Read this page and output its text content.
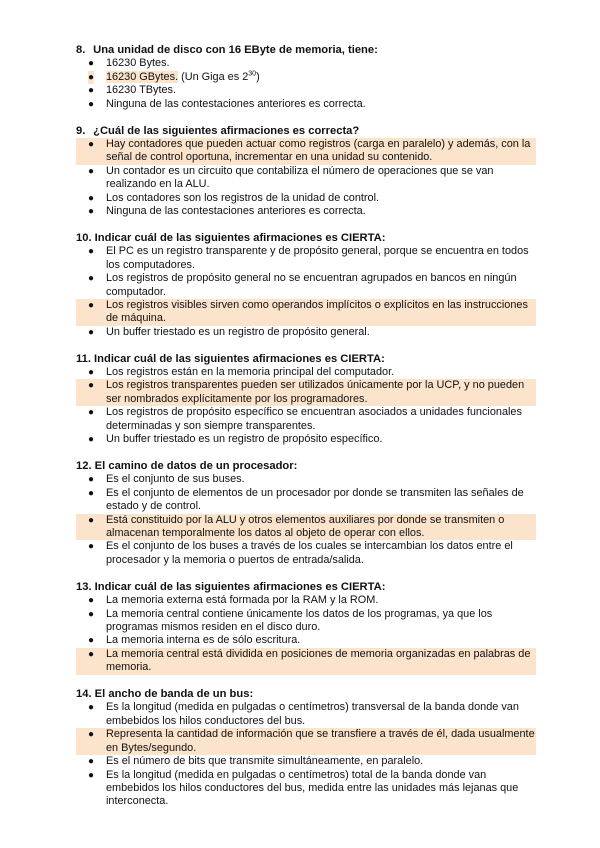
8. Una unidad de disco con 16 EByte de memoria, tiene:

● 16230 Bytes.
● 16230 GBytes. (Un Giga es $2^{30}$)
● 16230 TBytes.
● Ninguna de las contestaciones anteriores es correcta.

9. ¿Cuál de las siguientes afirmaciones es correcta?

● Hay contadores que pueden actuar como registros (carga en paralelo) y además, con la señal de control oportuna, incrementar en una unidad su contenido.
● Un contador es un circuito que contabiliza el número de operaciones que se van realizando en la ALU.
● Los contadores son los registros de la unidad de control.
● Ninguna de las contestaciones anteriores es correcta.

10. Indicar cuál de las siguientes afirmaciones es CIERTA:

● El PC es un registro transparente y de propósito general, porque se encuentra en todos los computadores.
● Los registros de propósito general no se encuentran agrupados en bancos en ningún computador.
● Los registros visibles sirven como operandos implícitos o explícitos en las instrucciones de máquina.
● Un buffer triestado es un registro de propósito general.

11. Indicar cuál de las siguientes afirmaciones es CIERTA:

● Los registros están en la memoria principal del computador.
● Los registros transparentes pueden ser utilizados únicamente por la UCP, y no pueden ser nombrados explícitamente por los programadores.
● Los registros de propósito específico se encuentran asociados a unidades funcionales determinadas y son siempre transparentes.
● Un buffer triestado es un registro de propósito específico.

12. El camino de datos de un procesador:

● Es el conjunto de sus buses.
● Es el conjunto de elementos de un procesador por donde se transmiten las señales de estado y de control.
● Está constituido por la ALU y otros elementos auxiliares por donde se transmiten o almacenan temporalmente los datos al objeto de operar con ellos.
● Es el conjunto de los buses a través de los cuales se intercambian los datos entre el procesador y la memoria o puertos de entrada/salida.

13. Indicar cuál de las siguientes afirmaciones es CIERTA:

● La memoria externa está formada por la RAM y la ROM.
● La memoria central contiene únicamente los datos de los programas, ya que los programas mismos residen en el disco duro.
● La memoria interna es de sólo escritura.
● La memoria central está dividida en posiciones de memoria organizadas en palabras de memoria.

14. El ancho de banda de un bus:

● Es la longitud (medida en pulgadas o centímetros) transversal de la banda donde van embebidos los hilos conductores del bus.
● Representa la cantidad de información que se transfiere a través de él, dada usualmente en Bytes/segundo.
● Es el número de bits que transmite simultáneamente, en paralelo.
● Es la longitud (medida en pulgadas o centímetros) total de la banda donde van embebidos los hilos conductores del bus, medida entre las unidades más lejanas que interconecta.
